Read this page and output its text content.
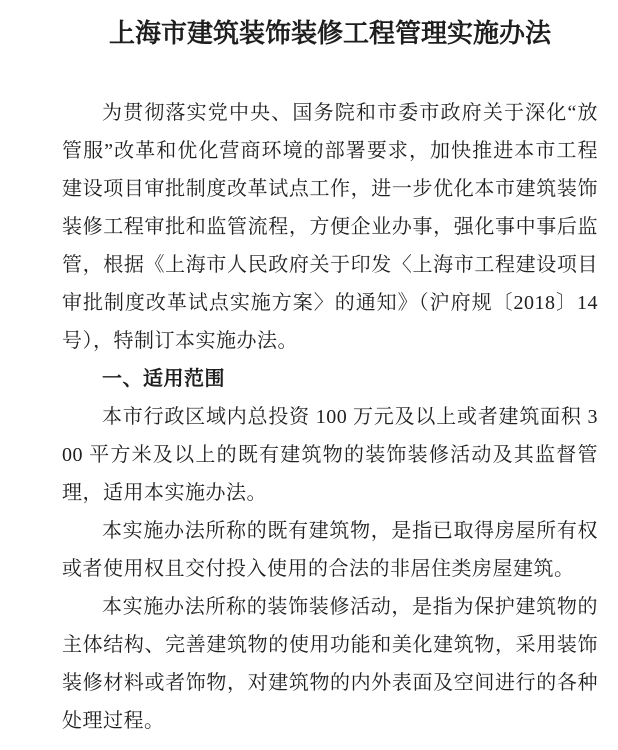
上海市建筑装饰装修工程管理实施办法

为贯彻落实党中央、国务院和市委市政府关于深化“放管服”改革和优化营商环境的部署要求，加快推进本市工程建设项目审批制度改革试点工作，进一步优化本市建筑装饰装修工程审批和监管流程，方便企业办事，强化事中事后监管，根据《上海市人民政府关于印发〈上海市工程建设项目审批制度改革试点实施方案〉的通知》（沪府规〔2018〕14 号），特制订本实施办法。

一、适用范围

本市行政区域内总投资 100 万元及以上或者建筑面积 300 平方米及以上的既有建筑物的装饰装修活动及其监督管理，适用本实施办法。

本实施办法所称的既有建筑物，是指已取得房屋所有权或者使用权且交付投入使用的合法的非居住类房屋建筑。

本实施办法所称的装饰装修活动，是指为保护建筑物的主体结构、完善建筑物的使用功能和美化建筑物，采用装饰装修材料或者饰物，对建筑物的内外表面及空间进行的各种处理过程。
